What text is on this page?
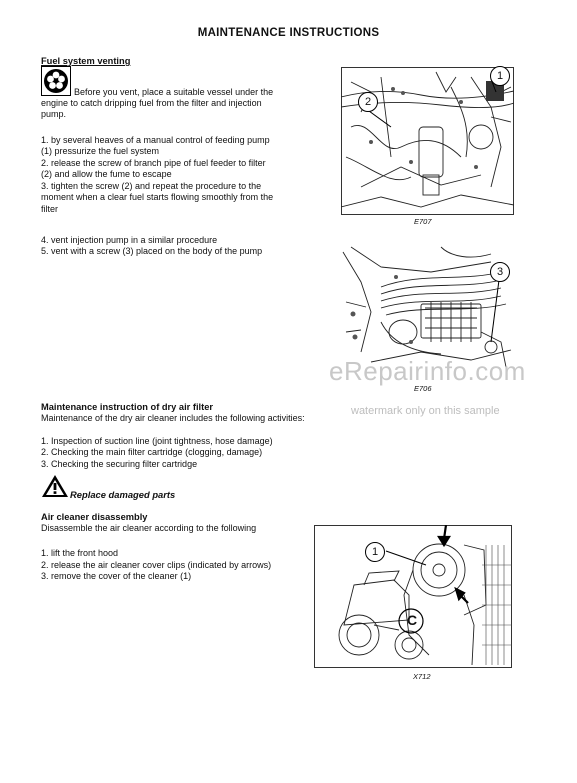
MAINTENANCE INSTRUCTIONS
Fuel system venting
Before you vent, place a suitable vessel under the
engine to catch dripping fuel from the filter and injection
pump.
1. by several heaves of a manual control of feeding pump
(1) pressurize the fuel system
2. release the screw of branch pipe of fuel feeder to filter
(2) and allow the fume to escape
3. tighten the screw (2) and repeat the procedure to the
moment when a clear fuel starts flowing smoothly from the
filter
4. vent injection pump in a similar procedure
5. vent with a screw (3) placed on the body of the pump
1
2
E707
3
E706
eRepairinfo.com
watermark only on this sample
Maintenance instruction of dry air filter
Maintenance of the dry air cleaner includes the following activities:
1. Inspection of suction line (joint tightness, hose damage)
2. Checking the main filter cartridge (clogging, damage)
3. Checking the securing filter cartridge
Replace damaged parts
Air cleaner disassembly
Disassemble the air cleaner according to the following
1. lift the front hood
2. release the air cleaner cover clips (indicated by arrows)
3. remove the cover of the cleaner (1)
1
C
X712
